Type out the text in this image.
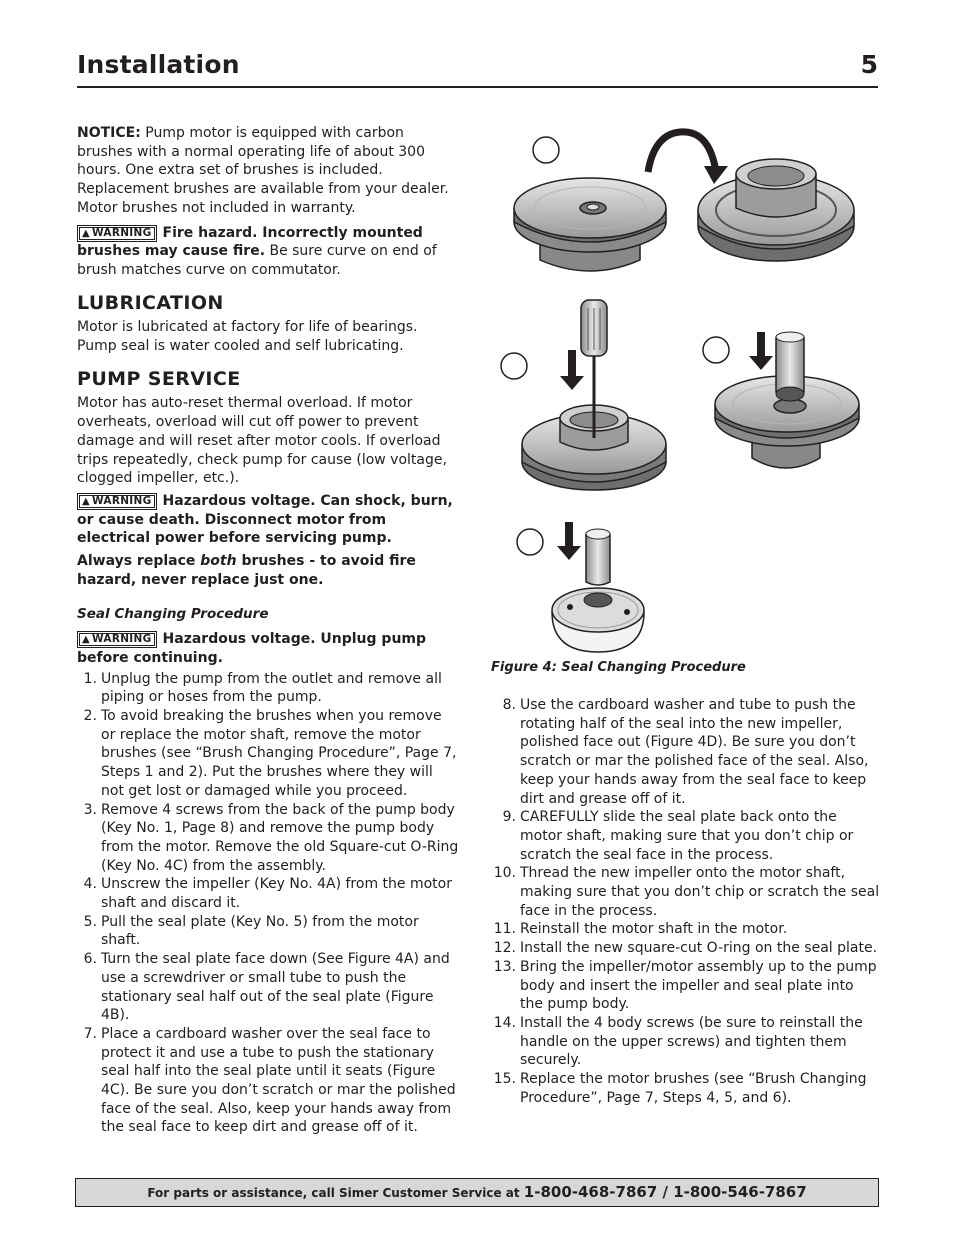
Installation	5

NOTICE: Pump motor is equipped with carbon brushes with a normal operating life of about 300 hours. One extra set of brushes is included. Replacement brushes are available from your dealer. Motor brushes not included in warranty.

▲ WARNING Fire hazard. Incorrectly mounted brushes may cause fire. Be sure curve on end of brush matches curve on commutator.

LUBRICATION

Motor is lubricated at factory for life of bearings. Pump seal is water cooled and self lubricating.

PUMP SERVICE

Motor has auto-reset thermal overload. If motor overheats, overload will cut off power to prevent damage and will reset after motor cools. If overload trips repeatedly, check pump for cause (low voltage, clogged impeller, etc.).

▲ WARNING Hazardous voltage. Can shock, burn, or cause death. Disconnect motor from electrical power before servicing pump.

Always replace both brushes - to avoid fire hazard, never replace just one.

Seal Changing Procedure

▲ WARNING Hazardous voltage. Unplug pump before continuing.

1. Unplug the pump from the outlet and remove all piping or hoses from the pump.
2. To avoid breaking the brushes when you remove or replace the motor shaft, remove the motor brushes (see “Brush Changing Procedure”, Page 7, Steps 1 and 2). Put the brushes where they will not get lost or damaged while you proceed.
3. Remove 4 screws from the back of the pump body (Key No. 1, Page 8) and remove the pump body from the motor. Remove the old Square-cut O-Ring (Key No. 4C) from the assembly.
4. Unscrew the impeller (Key No. 4A) from the motor shaft and discard it.
5. Pull the seal plate (Key No. 5) from the motor shaft.
6. Turn the seal plate face down (See Figure 4A) and use a screwdriver or small tube to push the stationary seal half out of the seal plate (Figure 4B).
7. Place a cardboard washer over the seal face to protect it and use a tube to push the stationary seal half into the seal plate until it seats (Figure 4C). Be sure you don’t scratch or mar the polished face of the seal. Also, keep your hands away from the seal face to keep dirt and grease off of it.
Figure 4: Seal Changing Procedure
8. Use the cardboard washer and tube to push the rotating half of the seal into the new impeller, polished face out (Figure 4D). Be sure you don’t scratch or mar the polished face of the seal. Also, keep your hands away from the seal face to keep dirt and grease off of it.
9. CAREFULLY slide the seal plate back onto the motor shaft, making sure that you don’t chip or scratch the seal face in the process.
10. Thread the new impeller onto the motor shaft, making sure that you don’t chip or scratch the seal face in the process.
11. Reinstall the motor shaft in the motor.
12. Install the new square-cut O-ring on the seal plate.
13. Bring the impeller/motor assembly up to the pump body and insert the impeller and seal plate into the pump body.
14. Install the 4 body screws (be sure to reinstall the handle on the upper screws) and tighten them securely.
15. Replace the motor brushes (see “Brush Changing Procedure”, Page 7, Steps 4, 5, and 6).
For parts or assistance, call Simer Customer Service at 1-800-468-7867 / 1-800-546-7867
